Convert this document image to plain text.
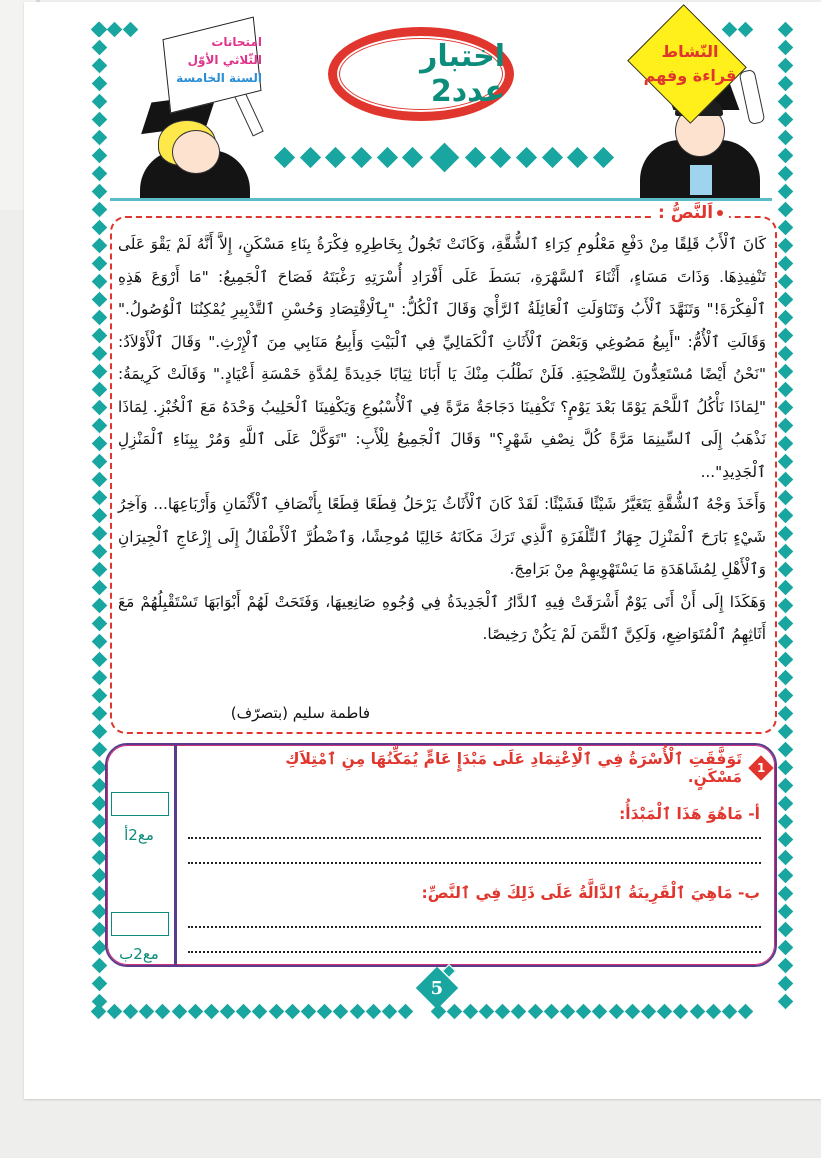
امتحانات
الثّلاثي الأوّل
السنة الخامسة
النّشاط
قراءة وفهم
اختبار عدد2
اَلنَّصُّ :

كَانَ ٱلْأَبُ قَلِقًا مِنْ دَفْعِ مَعْلُومِ كِرَاءِ ٱلشُّقَّةِ، وَكَانَتْ تَجُولُ بِخَاطِرِهِ فِكْرَةُ بِنَاءِ مَسْكَنٍ، إِلاَّ أَنَّهُ لَمْ يَقْوَ عَلَى تَنْفِيذِهَا. وَذَاتَ مَسَاءٍ، أَثْنَاءَ ٱلسَّهْرَةِ، بَسَطَ عَلَى أَفْرَادِ أُسْرَتِهِ رَغْبَتَهُ فَصَاحَ ٱلْجَمِيعُ: "مَا أَرْوَعَ هَذِهِ ٱلْفِكْرَةَ!" وَتَنَهَّدَ ٱلْأَبُ وَتَنَاوَلَتِ ٱلْعَائِلَةُ ٱلرَّأْيَ وَقَالَ ٱلْكُلُّ: "بِٱلْاِقْتِصَادِ وَحُسْنِ ٱلتَّدْبِيرِ يُمْكِنُنَا ٱلْوُصُولُ." وَقَالَتِ ٱلْأُمُّ: "أَبِيعُ مَصُوغِي وَبَعْضَ ٱلْأَثَاثِ ٱلْكَمَالِيِّ فِي ٱلْبَيْتِ وَأَبِيعُ مَنَابِي مِنَ ٱلْإِرْثِ." وَقَالَ ٱلْأَوْلاَدُ: "نَحْنُ أَيْضًا مُسْتَعِدُّونَ لِلتَّضْحِيَةِ. فَلَنْ نَطْلُبَ مِنْكَ يَا أَبَانَا ثِيَابًا جَدِيدَةً لِمُدَّةِ خَمْسَةِ أَعْيَادٍ." وَقَالَتْ كَرِيمَةُ: "لِمَاذَا نَأْكُلُ ٱللَّحْمَ يَوْمًا بَعْدَ يَوْمٍ؟ تَكْفِينَا دَجَاجَةٌ مَرَّةً فِي ٱلْأُسْبُوعِ وَيَكْفِينَا ٱلْحَلِيبُ وَحْدَهُ مَعَ ٱلْخُبْزِ. لِمَاذَا نَذْهَبُ إِلَى ٱلسِّينِمَا مَرَّةً كُلَّ نِصْفِ شَهْرٍ؟" وَقَالَ ٱلْجَمِيعُ لِلْأَبِ: "تَوَكَّلْ عَلَى ٱللَّهِ وَمُرْ بِبِنَاءِ ٱلْمَنْزِلِ ٱلْجَدِيدِ"...

وَأَخَذَ وَجْهُ ٱلشُّقَّةِ يَتَغَيَّرُ شَيْئًا فَشَيْئًا: لَقَدْ كَانَ ٱلْأَثَاثُ يَرْحَلُ قِطَعًا قِطَعًا بِأَنْصَافِ ٱلْأَثْمَانِ وَأَرْبَاعِهَا... وَآخِرُ شَيْءٍ بَارَحَ ٱلْمَنْزِلَ جِهَازُ ٱلتِّلْفَزَةِ ٱلَّذِي تَرَكَ مَكَانَهُ خَالِيًا مُوحِشًا، وَٱضْطُرَّ ٱلْأَطْفَالُ إِلَى إِزْعَاجِ ٱلْجِيرَانِ وَٱلْأَهْلِ لِمُشَاهَدَةِ مَا يَسْتَهْوِيهِمْ مِنْ بَرَامِجَ.

وَهَكَذَا إِلَى أَنْ أَتَى يَوْمٌ أَشْرَقَتْ فِيهِ ٱلدَّارُ ٱلْجَدِيدَةُ فِي وُجُوهِ صَانِعِيهَا، وَفَتَحَتْ لَهُمْ أَبْوَابَهَا تَسْتَقْبِلُهُمْ مَعَ أَثَاثِهِمُ ٱلْمُتَوَاضِعِ، وَلَكِنَّ ٱلثَّمَنَ لَمْ يَكُنْ رَخِيصًا.

فاطمة سليم (بتصرّف)
مع2أ
مع2ب
1
تَوَفَّقَتِ ٱلْأُسْرَةُ فِي ٱلْاِعْتِمَادِ عَلَى مَبْدَإٍ عَامٍّ يُمَكِّنُهَا مِنِ ٱمْتِلاَكِ مَسْكَنٍ.
أ- مَاهُوَ هَذَا ٱلْمَبْدَأُ:
ب- مَاهِيَ ٱلْقَرِينَةُ ٱلدَّالَّةُ عَلَى ذَلِكَ فِي ٱلنَّصِّ:
5
